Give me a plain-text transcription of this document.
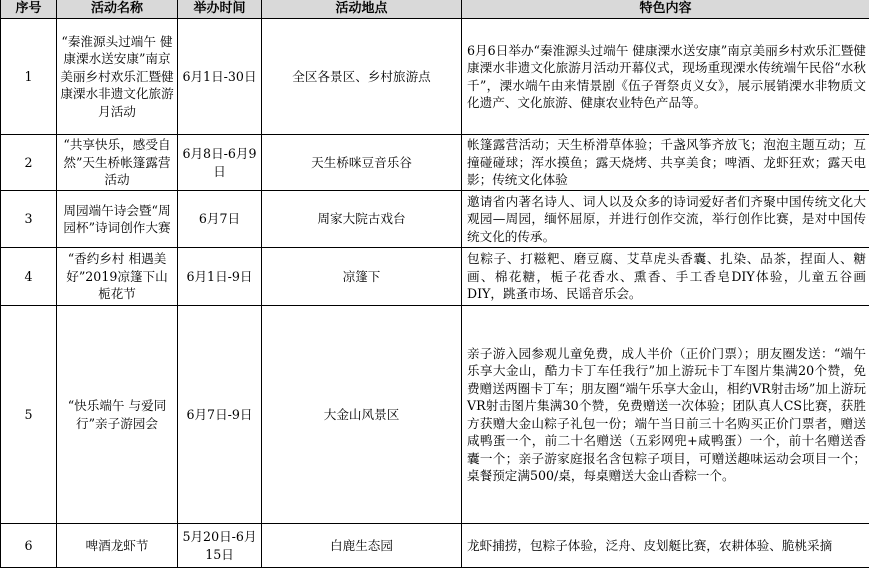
序号	活动名称	举办时间	活动地点	特色内容
1	“秦淮源头过端午 健康溧水送安康”南京美丽乡村欢乐汇暨健康溧水非遗文化旅游月活动	6月1日-30日	全区各景区、乡村旅游点	6月6日举办“秦淮源头过端午 健康溧水送安康”南京美丽乡村欢乐汇暨健康溧水非遗文化旅游月活动开幕仪式，现场重现溧水传统端午民俗“水秋千”，溧水端午由来情景剧《伍子胥祭贞义女》，展示展销溧水非物质文化遗产、文化旅游、健康农业特色产品等。
2	“共享快乐，感受自然”天生桥帐篷露营活动	6月8日-6月9日	天生桥咪豆音乐谷	帐篷露营活动；天生桥滑草体验；千盏风筝齐放飞；泡泡主题互动；互撞碰碰球；浑水摸鱼；露天烧烤、共享美食；啤酒、龙虾狂欢；露天电影；传统文化体验
3	周园端午诗会暨“周园杯”诗词创作大赛	6月7日	周家大院古戏台	邀请省内著名诗人、词人以及众多的诗词爱好者们齐聚中国传统文化大观园—周园，缅怀屈原，并进行创作交流，举行创作比赛，是对中国传统文化的传承。
4	“香约乡村 相遇美好”2019凉篷下山栀花节	6月1日-9日	凉篷下	包粽子、打糍粑、磨豆腐、艾草虎头香囊、扎染、品茶，捏面人、糖画、棉花糖，栀子花香水、熏香、手工香皂DIY体验，儿童五谷画DIY，跳蚤市场、民谣音乐会。
5	“快乐端午 与爱同行”亲子游园会	6月7日-9日	大金山风景区	亲子游入园参观儿童免费，成人半价（正价门票）；朋友圈发送：“端午乐享大金山，酷力卡丁车任我行”加上游玩卡丁车图片集满20个赞，免费赠送两圈卡丁车；朋友圈“端午乐享大金山，相约VR射击场”加上游玩VR射击图片集满30个赞，免费赠送一次体验；团队真人CS比赛，获胜方获赠大金山粽子礼包一份；端午当日前三十名购买正价门票者，赠送咸鸭蛋一个，前二十名赠送（五彩网兜+咸鸭蛋）一个，前十名赠送香囊一个；亲子游家庭报名含包粽子项目，可赠送趣味运动会项目一个；桌餐预定满500/桌，每桌赠送大金山香粽一个。
6	啤酒龙虾节	5月20日-6月15日	白鹿生态园	龙虾捕捞，包粽子体验，泛舟、皮划艇比赛，农耕体验、脆桃采摘
